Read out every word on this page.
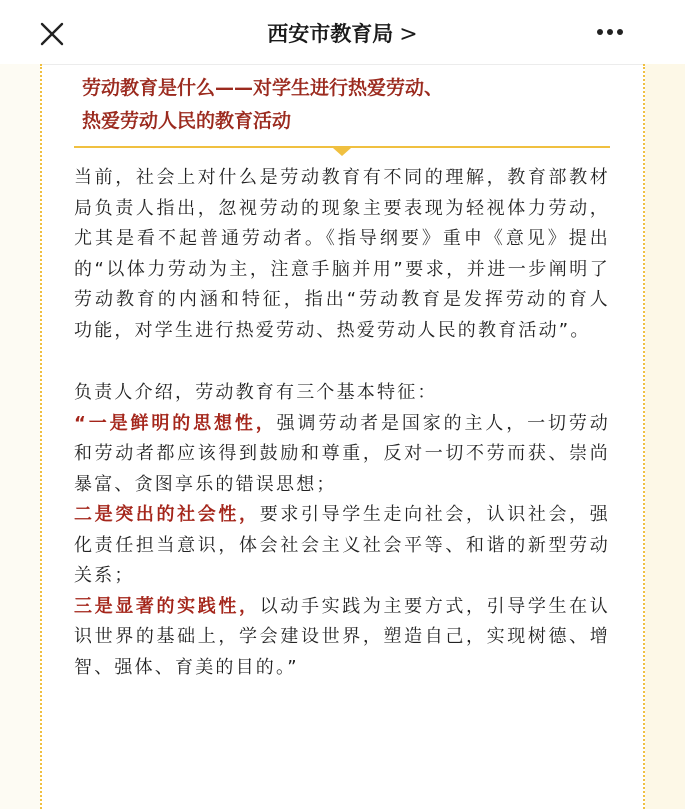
西安市教育局 >
劳动教育是什么——对学生进行热爱劳动、
热爱劳动人民的教育活动

当前，社会上对什么是劳动教育有不同的理解，教育部教材局负责人指出，忽视劳动的现象主要表现为轻视体力劳动，尤其是看不起普通劳动者。《指导纲要》重申《意见》提出的“以体力劳动为主，注意手脑并用”要求，并进一步阐明了劳动教育的内涵和特征，指出“劳动教育是发挥劳动的育人功能，对学生进行热爱劳动、热爱劳动人民的教育活动”。

负责人介绍，劳动教育有三个基本特征：
“一是鲜明的思想性，强调劳动者是国家的主人，一切劳动和劳动者都应该得到鼓励和尊重，反对一切不劳而获、崇尚暴富、贪图享乐的错误思想；
二是突出的社会性，要求引导学生走向社会，认识社会，强化责任担当意识，体会社会主义社会平等、和谐的新型劳动关系；
三是显著的实践性，以动手实践为主要方式，引导学生在认识世界的基础上，学会建设世界，塑造自己，实现树德、增智、强体、育美的目的。”
